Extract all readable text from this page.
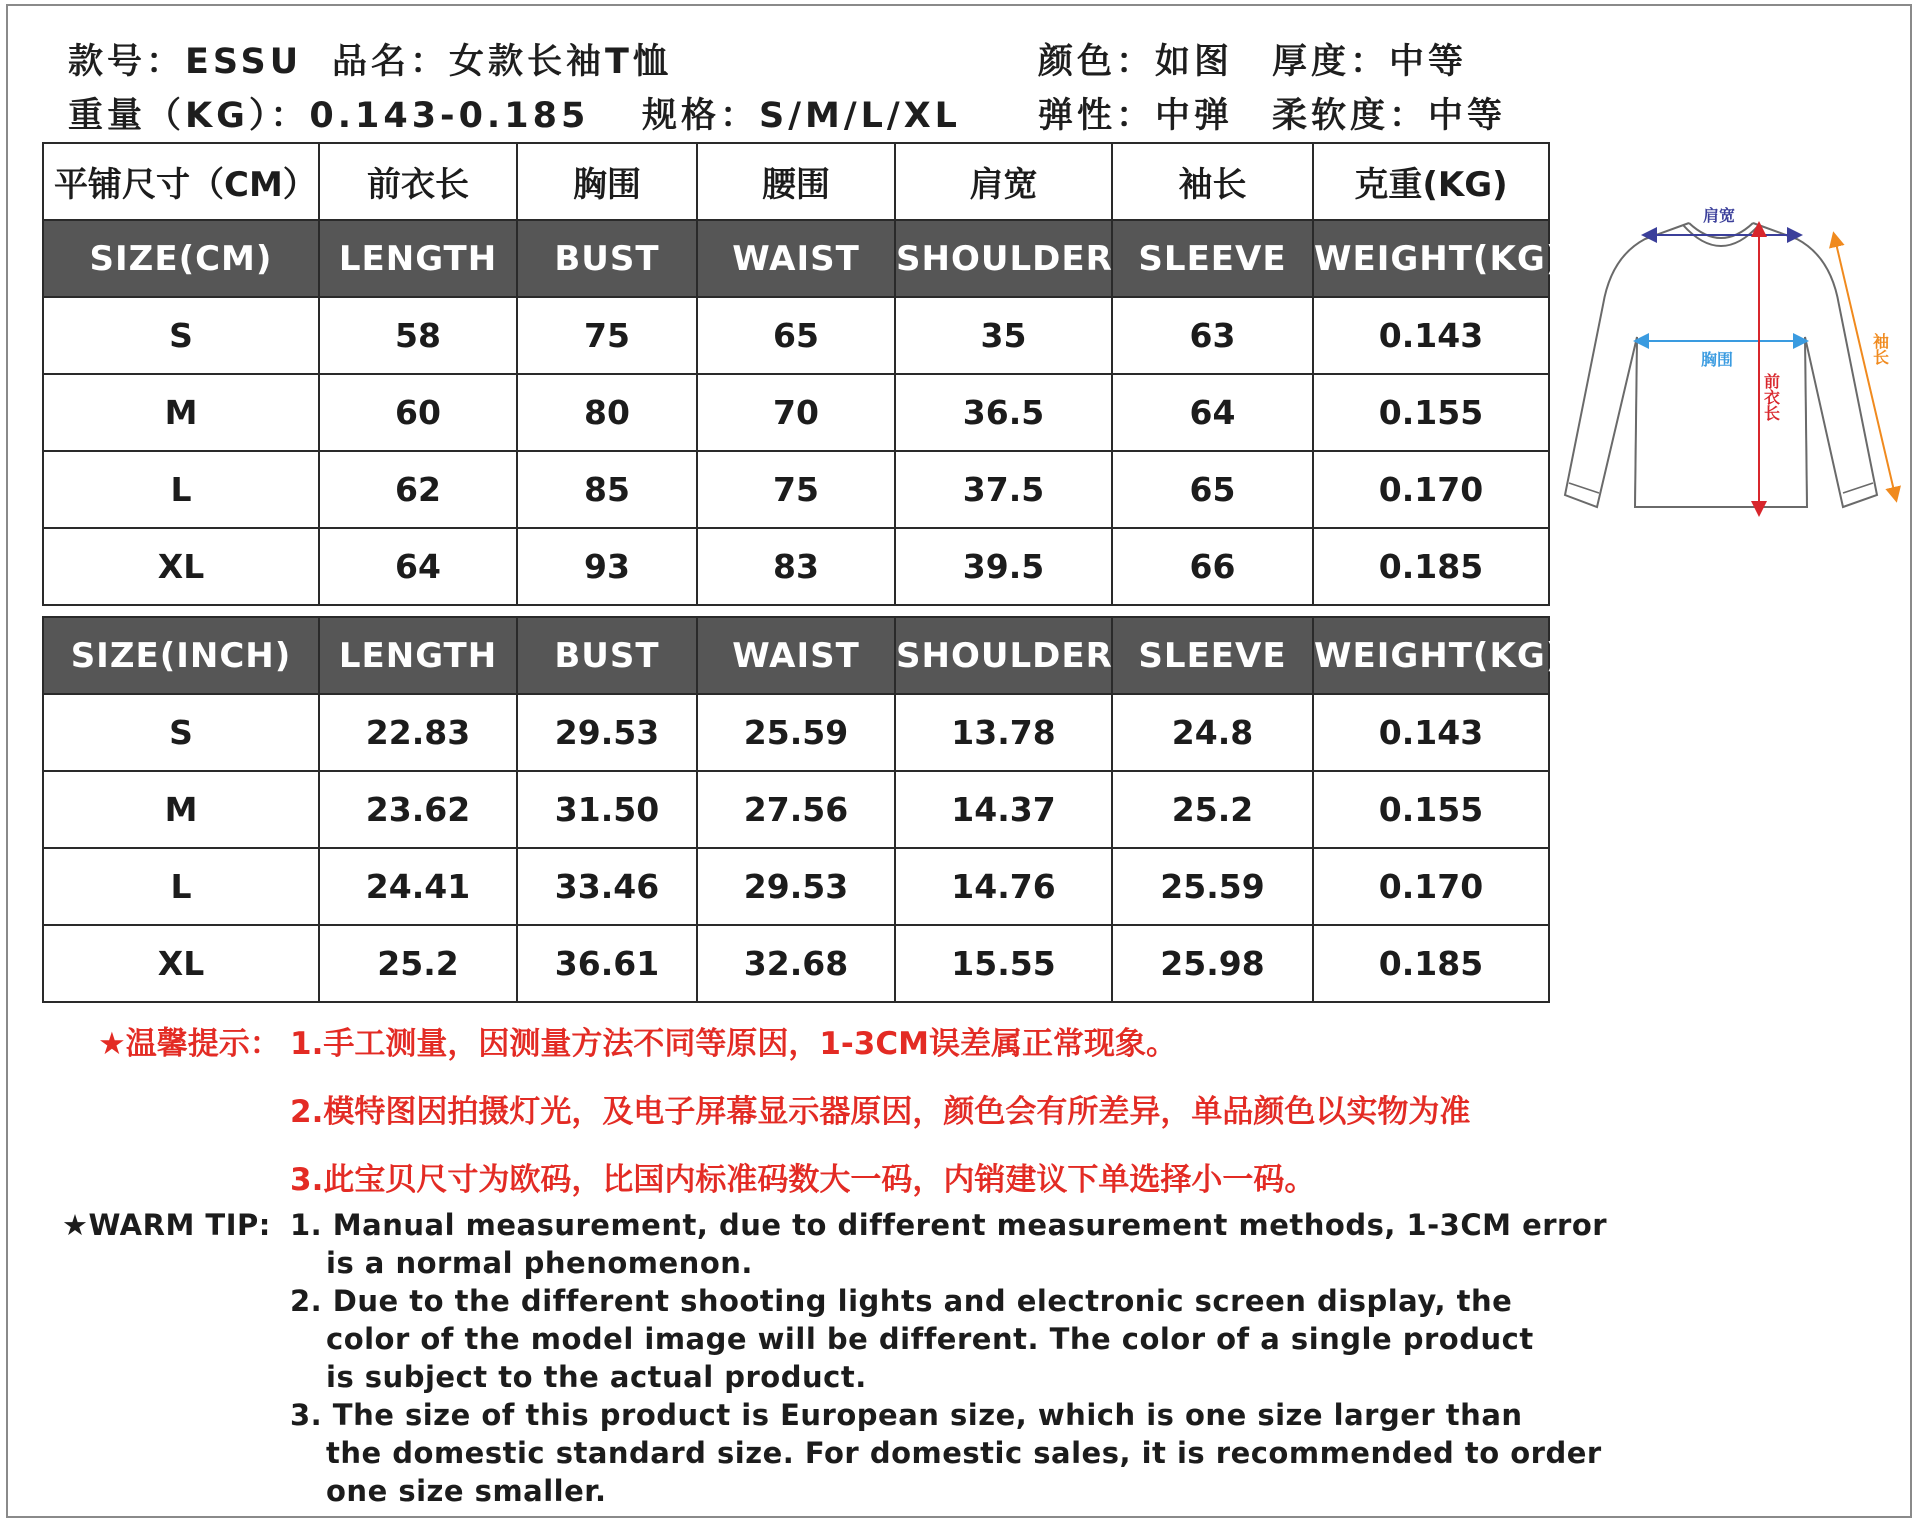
款号：ESSU 品名：女款长袖T恤	颜色：如图 厚度：中等
重量（KG）：0.143-0.185 规格：S/M/L/XL 弹性：中弹 柔软度：中等
平铺尺寸（CM）	前衣长	胸围	腰围	肩宽	袖长	克重(KG)
SIZE(CM)	LENGTH	BUST	WAIST	SHOULDER	SLEEVE	WEIGHT(KG)
S	58	75	65	35	63	0.143
M	60	80	70	36.5	64	0.155
L	62	85	75	37.5	65	0.170
XL	64	93	83	39.5	66	0.185
SIZE(INCH)	LENGTH	BUST	WAIST	SHOULDER	SLEEVE	WEIGHT(KG)
S	22.83	29.53	25.59	13.78	24.8	0.143
M	23.62	31.50	27.56	14.37	25.2	0.155
L	24.41	33.46	29.53	14.76	25.59	0.170
XL	25.2	36.61	32.68	15.55	25.98	0.185
肩宽
胸围
前衣长
袖长
★温馨提示： 1.手工测量，因测量方法不同等原因，1-3CM误差属正常现象。
2.模特图因拍摄灯光，及电子屏幕显示器原因，颜色会有所差异，单品颜色以实物为准
3.此宝贝尺寸为欧码，比国内标准码数大一码，内销建议下单选择小一码。
★WARM TIP: 1. Manual measurement, due to different measurement methods, 1-3CM error
is a normal phenomenon.
2. Due to the different shooting lights and electronic screen display, the
color of the model image will be different. The color of a single product
is subject to the actual product.
3. The size of this product is European size, which is one size larger than
the domestic standard size. For domestic sales, it is recommended to order
one size smaller.
